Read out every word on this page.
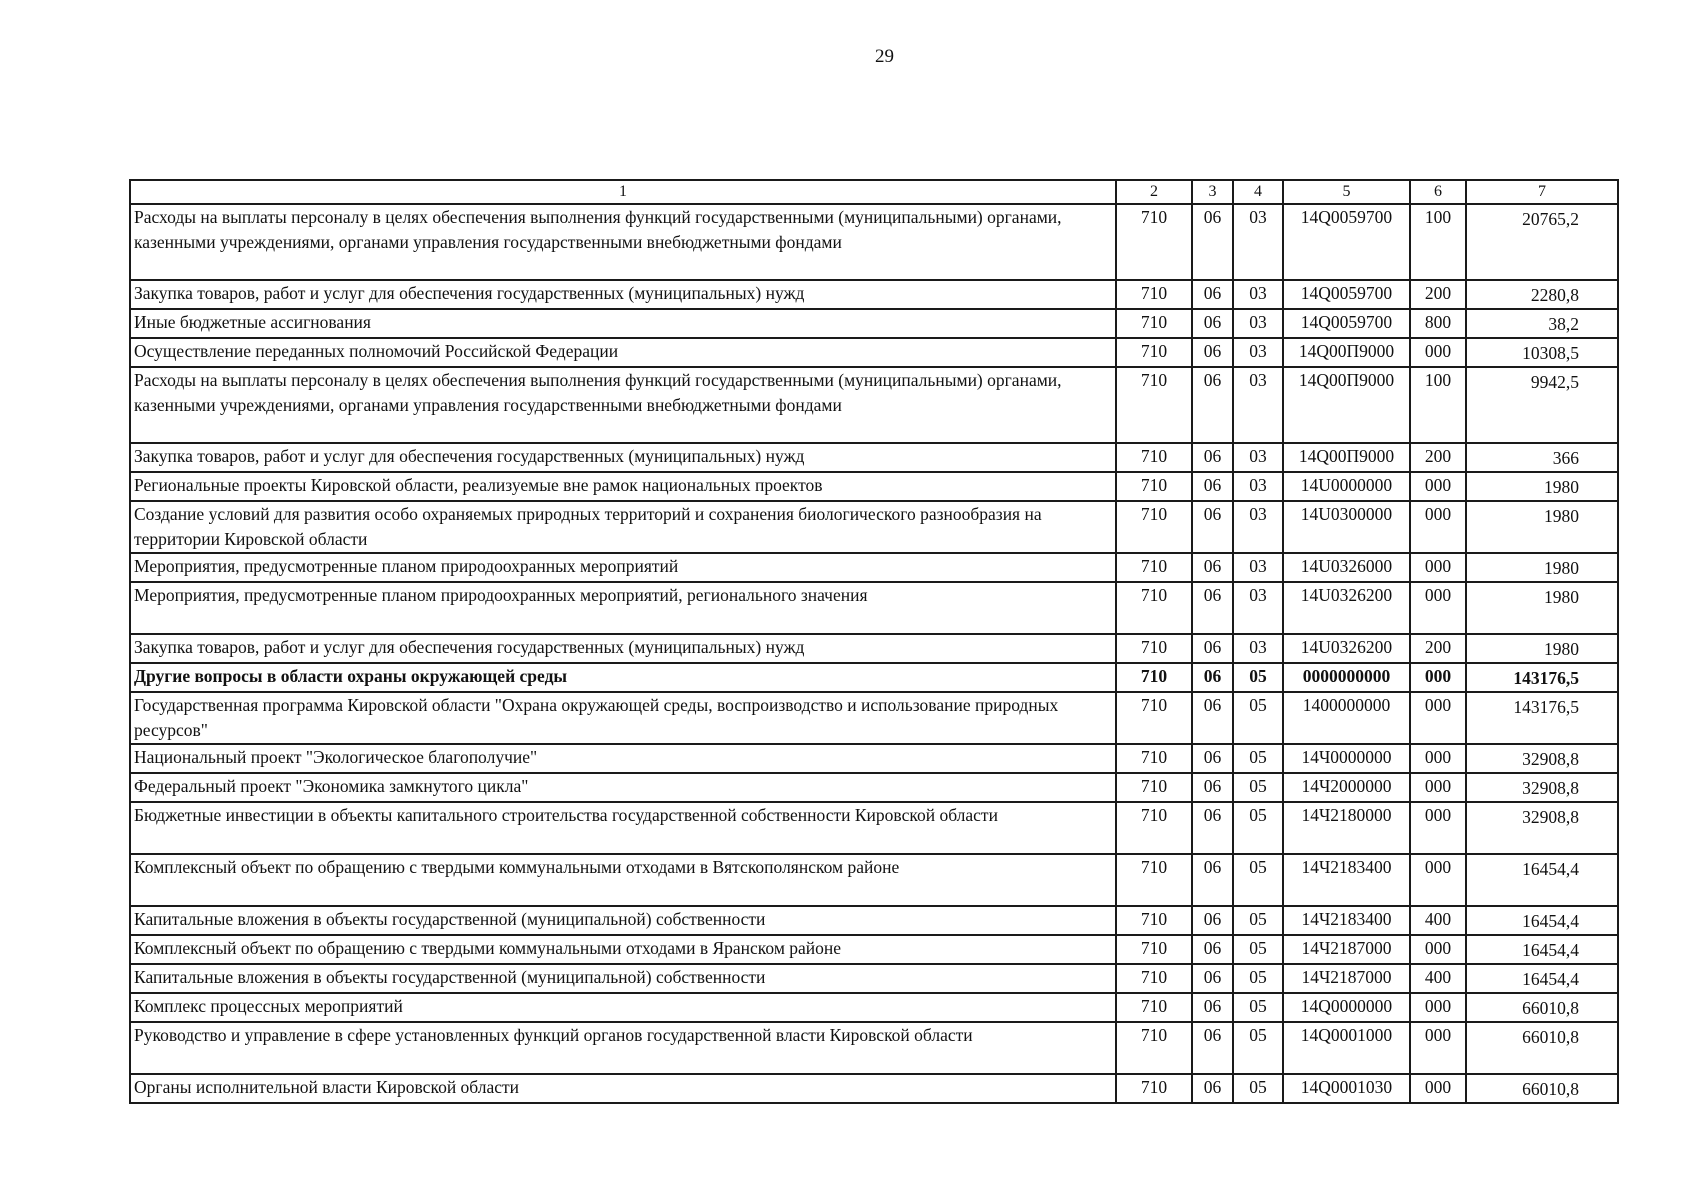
29
1	2	3	4	5	6	7
Расходы на выплаты персоналу в целях обеспечения выполнения функций государственными (муниципальными) органами, казенными учреждениями, органами управления государственными внебюджетными фондами	710	06	03	14Q0059700	100	20765,2
Закупка товаров, работ и услуг для обеспечения государственных (муниципальных) нужд	710	06	03	14Q0059700	200	2280,8
Иные бюджетные ассигнования	710	06	03	14Q0059700	800	38,2
Осуществление переданных полномочий Российской Федерации	710	06	03	14Q00П9000	000	10308,5
Расходы на выплаты персоналу в целях обеспечения выполнения функций государственными (муниципальными) органами, казенными учреждениями, органами управления государственными внебюджетными фондами	710	06	03	14Q00П9000	100	9942,5
Закупка товаров, работ и услуг для обеспечения государственных (муниципальных) нужд	710	06	03	14Q00П9000	200	366
Региональные проекты Кировской области, реализуемые вне рамок национальных проектов	710	06	03	14U0000000	000	1980
Создание условий для развития особо охраняемых природных территорий и сохранения биологического разнообразия на территории Кировской области	710	06	03	14U0300000	000	1980
Мероприятия, предусмотренные планом природоохранных мероприятий	710	06	03	14U0326000	000	1980
Мероприятия, предусмотренные планом природоохранных мероприятий, регионального значения	710	06	03	14U0326200	000	1980
Закупка товаров, работ и услуг для обеспечения государственных (муниципальных) нужд	710	06	03	14U0326200	200	1980
Другие вопросы в области охраны окружающей среды	710	06	05	0000000000	000	143176,5
Государственная программа Кировской области "Охрана окружающей среды, воспроизводство и использование природных ресурсов"	710	06	05	1400000000	000	143176,5
Национальный проект "Экологическое благополучие"	710	06	05	14Ч0000000	000	32908,8
Федеральный проект "Экономика замкнутого цикла"	710	06	05	14Ч2000000	000	32908,8
Бюджетные инвестиции в объекты капитального строительства государственной собственности Кировской области	710	06	05	14Ч2180000	000	32908,8
Комплексный объект по обращению с твердыми коммунальными отходами в Вятскополянском районе	710	06	05	14Ч2183400	000	16454,4
Капитальные вложения в объекты государственной (муниципальной) собственности	710	06	05	14Ч2183400	400	16454,4
Комплексный объект по обращению с твердыми коммунальными отходами в Яранском районе	710	06	05	14Ч2187000	000	16454,4
Капитальные вложения в объекты государственной (муниципальной) собственности	710	06	05	14Ч2187000	400	16454,4
Комплекс процессных мероприятий	710	06	05	14Q0000000	000	66010,8
Руководство и управление в сфере установленных функций органов государственной власти Кировской области	710	06	05	14Q0001000	000	66010,8
Органы исполнительной власти Кировской области	710	06	05	14Q0001030	000	66010,8
